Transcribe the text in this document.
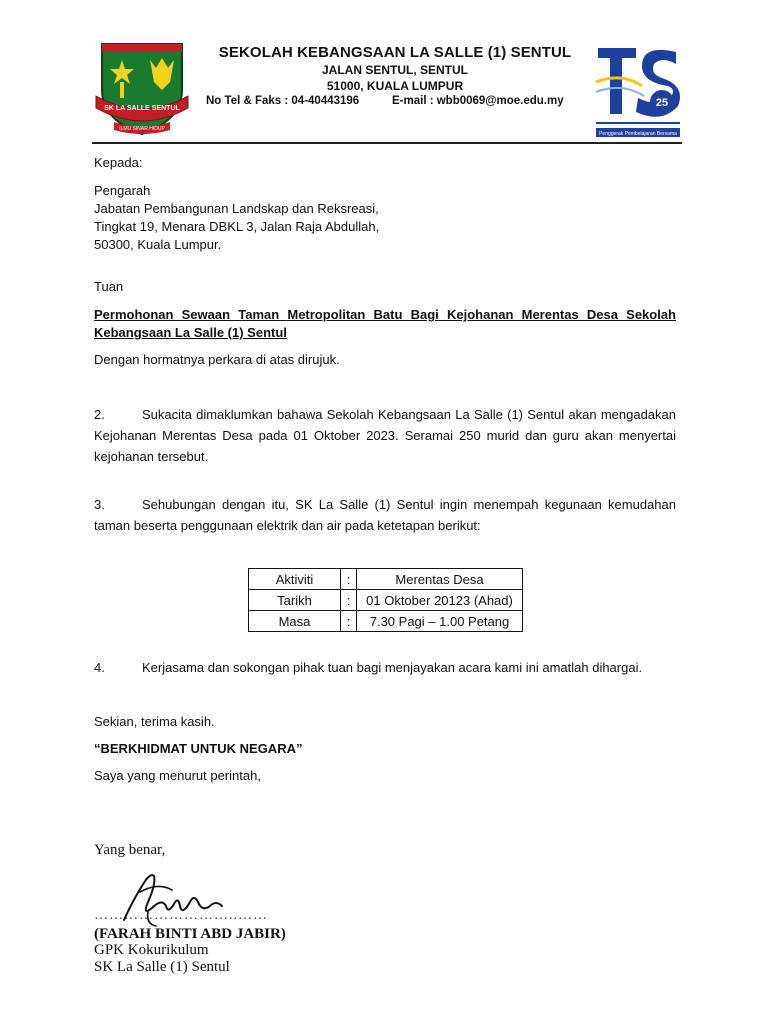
SK LA SALLE SENTUL
ILMU SINAR HIDUP
SEKOLAH KEBANGSAAN LA SALLE (1) SENTUL
JALAN SENTUL, SENTUL
51000, KUALA LUMPUR
No Tel & Faks : 04-40443196	E-mail : wbb0069@moe.edu.my	25
Penggerak Pembelajaran Bersama
Kepada:
Pengarah
Jabatan Pembangunan Landskap dan Reksreasi,
Tingkat 19, Menara DBKL 3, Jalan Raja Abdullah,
50300, Kuala Lumpur.
Tuan
Permohonan Sewaan Taman Metropolitan Batu Bagi Kejohanan Merentas Desa Sekolah Kebangsaan La Salle (1) Sentul
Dengan hormatnya perkara di atas dirujuk.
2.	Sukacita dimaklumkan bahawa Sekolah Kebangsaan La Salle (1) Sentul akan mengadakan Kejohanan Merentas Desa pada 01 Oktober 2023. Seramai 250 murid dan guru akan menyertai kejohanan tersebut.
3.	Sehubungan dengan itu, SK La Salle (1) Sentul ingin menempah kegunaan kemudahan taman beserta penggunaan elektrik dan air pada ketetapan berikut:
Aktiviti	:	Merentas Desa
Tarikh	:	01 Oktober 20123 (Ahad)
Masa	:	7.30 Pagi – 1.00 Petang
4.	Kerjasama dan sokongan pihak tuan bagi menjayakan acara kami ini amatlah dihargai.
Sekian, terima kasih.
“BERKHIDMAT UNTUK NEGARA”
Saya yang menurut perintah,
Yang benar,
………………………..……
(FARAH BINTI ABD JABIR)
GPK Kokurikulum
SK La Salle (1) Sentul
